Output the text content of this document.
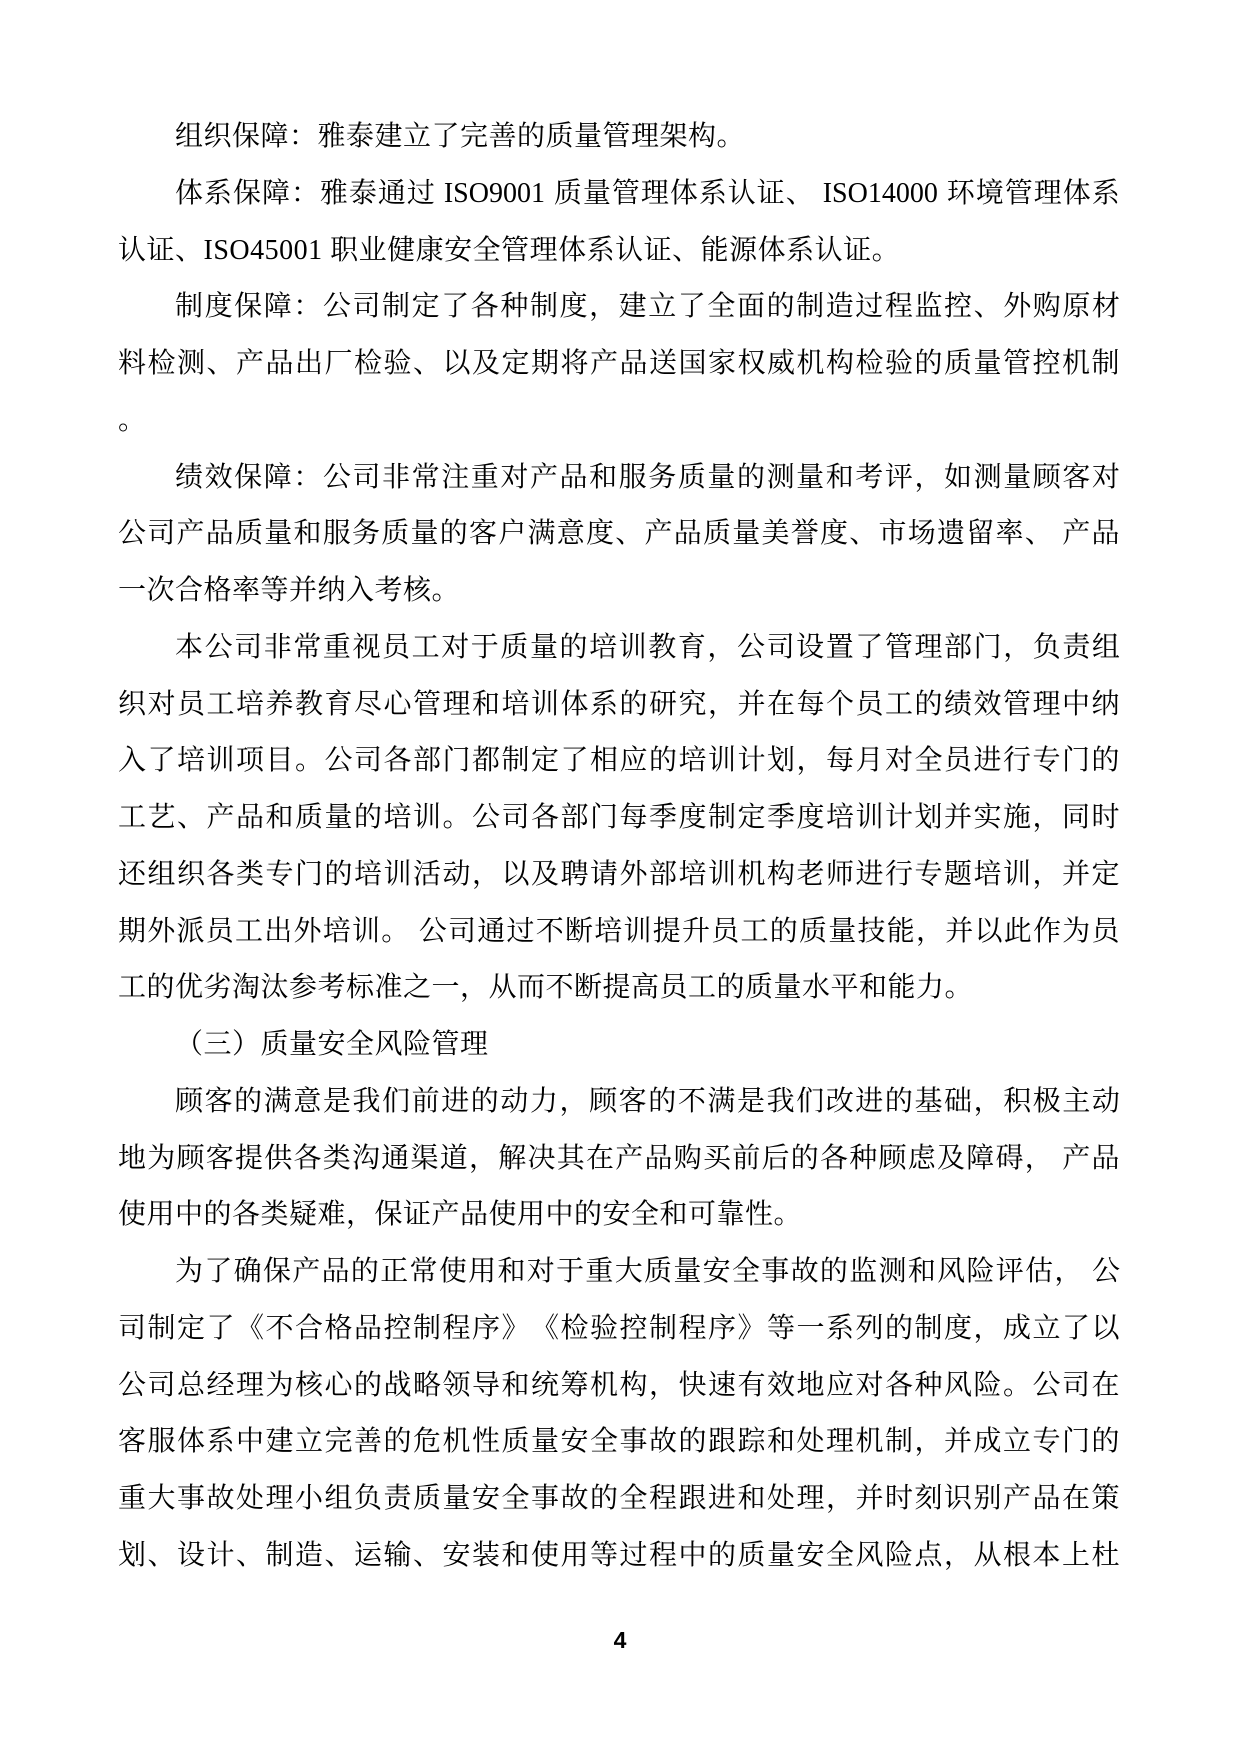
组织保障：雅泰建立了完善的质量管理架构。
体 系 保 障 ： 雅 泰 通 过
ISO9001
质 量 管 理 体 系 认 证 、
ISO14000
环 境 管 理 体 系
认证、ISO45001 职业健康安全管理体系认证、能源体系认证。
制 度 保 障 ： 公 司 制 定 了 各 种 制 度 ， 建 立 了 全 面 的 制 造 过 程 监 控 、 外 购 原 材
料 检 测 、 产 品 出 厂 检 验 、 以 及 定 期 将 产 品 送 国 家 权 威 机 构 检 验 的 质 量 管 控 机 制
。
绩 效 保 障 ： 公 司 非 常 注 重 对 产 品 和 服 务 质 量 的 测 量 和 考 评 ， 如 测 量 顾 客 对
公 司 产 品 质 量 和 服 务 质 量 的 客 户 满 意 度 、 产 品 质 量 美 誉 度 、 市 场 遗 留 率 、
产 品
一次合格率等并纳入考核。
本 公 司 非 常 重 视 员 工 对 于 质 量 的 培 训 教 育 ， 公 司 设 置 了 管 理 部 门 ， 负 责 组
织 对 员 工 培 养 教 育 尽 心 管 理 和 培 训 体 系 的 研 究 ， 并 在 每 个 员 工 的 绩 效 管 理 中 纳
入 了 培 训 项 目 。 公 司 各 部 门 都 制 定 了 相 应 的 培 训 计 划 ， 每 月 对 全 员 进 行 专 门 的
工 艺 、 产 品 和 质 量 的 培 训 。 公 司 各 部 门 每 季 度 制 定 季 度 培 训 计 划 并 实 施 ， 同 时
还 组 织 各 类 专 门 的 培 训 活 动 ， 以 及 聘 请 外 部 培 训 机 构 老 师 进 行 专 题 培 训 ， 并 定
期 外 派 员 工 出 外 培 训 。
公 司 通 过 不 断 培 训 提 升 员 工 的 质 量 技 能 ， 并 以 此 作 为 员
工的优劣淘汰参考标准之一，从而不断提高员工的质量水平和能力。
（三）质量安全风险管理
顾 客 的 满 意 是 我 们 前 进 的 动 力 ， 顾 客 的 不 满 是 我 们 改 进 的 基 础 ， 积 极 主 动
地 为 顾 客 提 供 各 类 沟 通 渠 道 ， 解 决 其 在 产 品 购 买 前 后 的 各 种 顾 虑 及 障 碍 ，
产 品
使用中的各类疑难，保证产品使用中的安全和可靠性。
为 了 确 保 产 品 的 正 常 使 用 和 对 于 重 大 质 量 安 全 事 故 的 监 测 和 风 险 评 估 ，
公
司 制 定 了 《 不 合 格 品 控 制 程 序 》 《 检 验 控 制 程 序 》 等 一 系 列 的 制 度 ， 成 立 了 以
公 司 总 经 理 为 核 心 的 战 略 领 导 和 统 筹 机 构 ， 快 速 有 效 地 应 对 各 种 风 险 。 公 司 在
客 服 体 系 中 建 立 完 善 的 危 机 性 质 量 安 全 事 故 的 跟 踪 和 处 理 机 制 ， 并 成 立 专 门 的
重 大 事 故 处 理 小 组 负 责 质 量 安 全 事 故 的 全 程 跟 进 和 处 理 ， 并 时 刻 识 别 产 品 在 策
划 、 设 计 、 制 造 、 运 输 、 安 装 和 使 用 等 过 程 中 的 质 量 安 全 风 险 点 ， 从 根 本 上 杜
4
